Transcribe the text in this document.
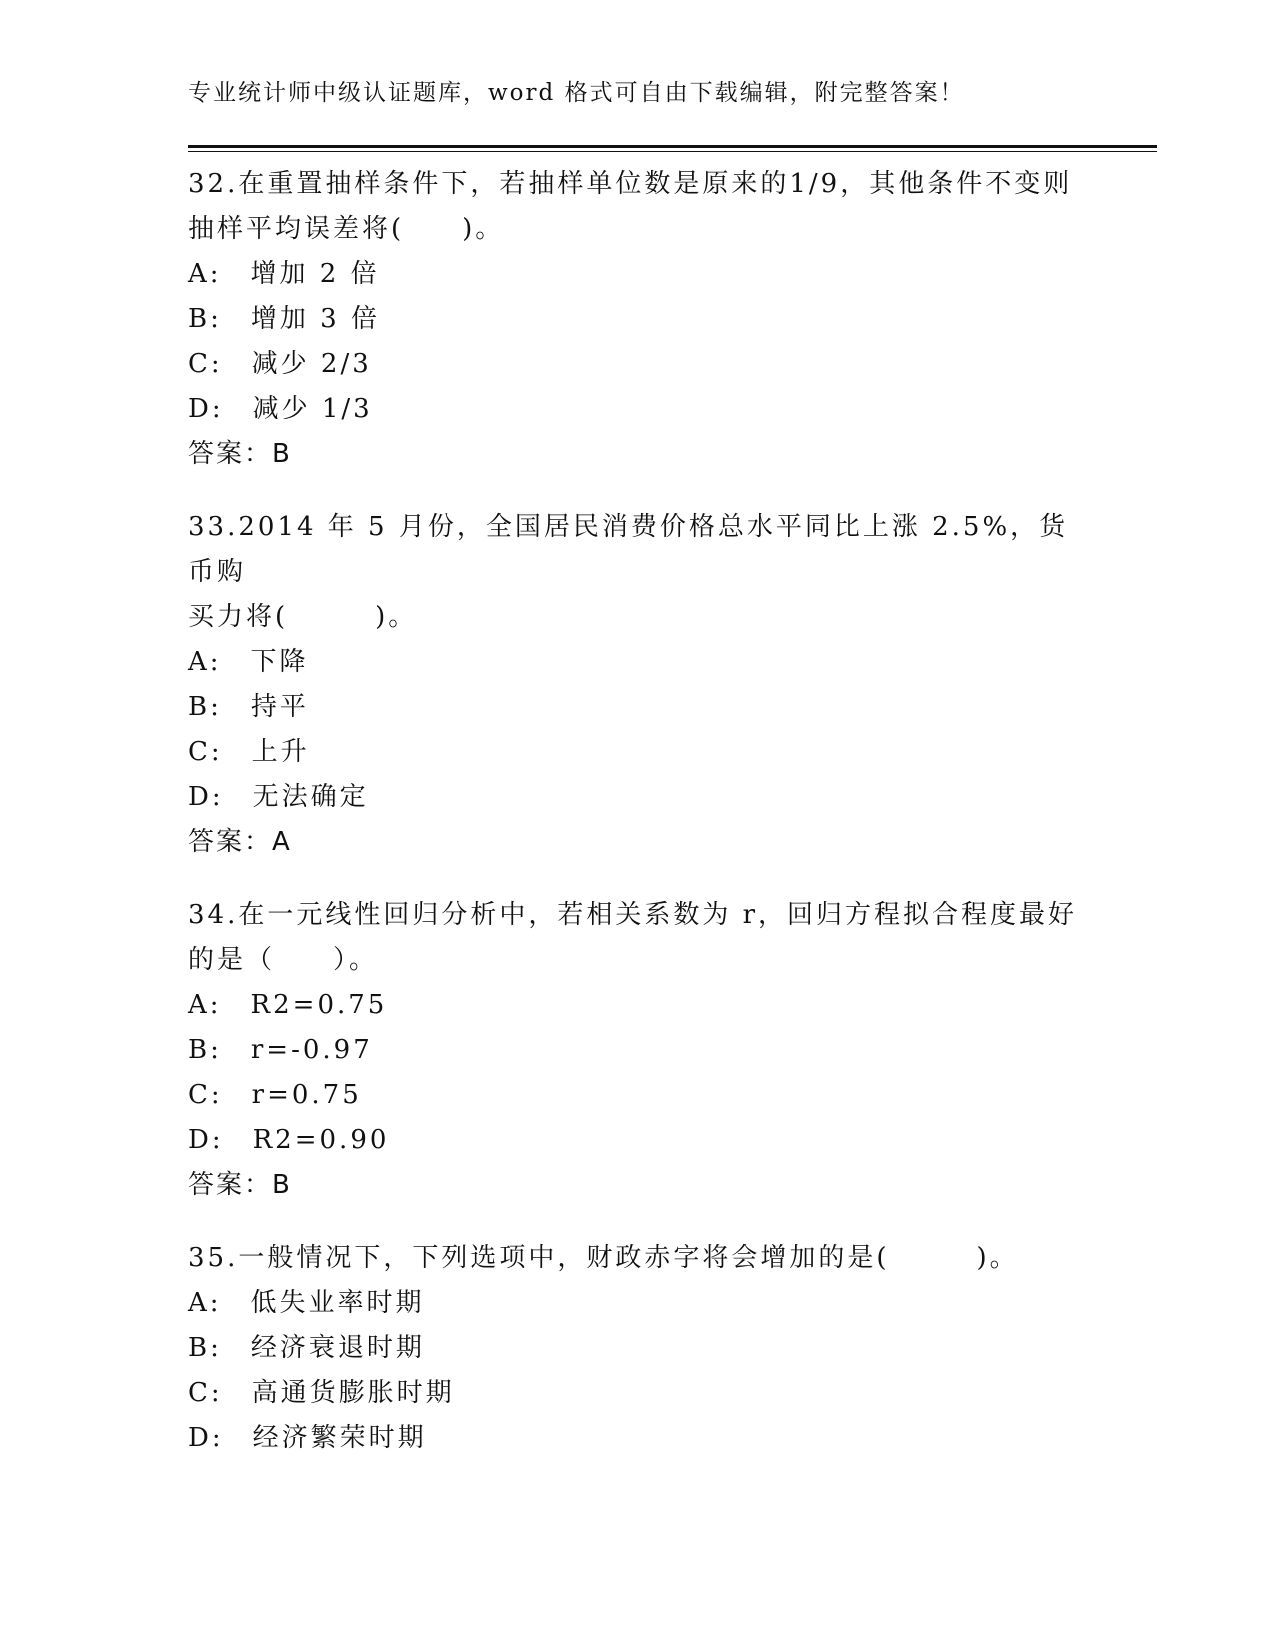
专业统计师中级认证题库，word 格式可自由下载编辑，附完整答案！
32.在重置抽样条件下，若抽样单位数是原来的1/9，其他条件不变则
抽样平均误差将(　　)。
A:　增加 2 倍
B:　增加 3 倍
C:　减少 2/3
D:　减少 1/3
答案：B
33.2014 年 5 月份，全国居民消费价格总水平同比上涨 2.5%，货币购
买力将(　　　)。
A:　下降
B:　持平
C:　上升
D:　无法确定
答案：A
34.在一元线性回归分析中，若相关系数为 r，回归方程拟合程度最好
的是（　　）。
A:　R2=0.75
B:　r=-0.97
C:　r=0.75
D:　R2=0.90
答案：B
35.一般情况下，下列选项中，财政赤字将会增加的是(　　　)。
A:　低失业率时期
B:　经济衰退时期
C:　高通货膨胀时期
D:　经济繁荣时期
